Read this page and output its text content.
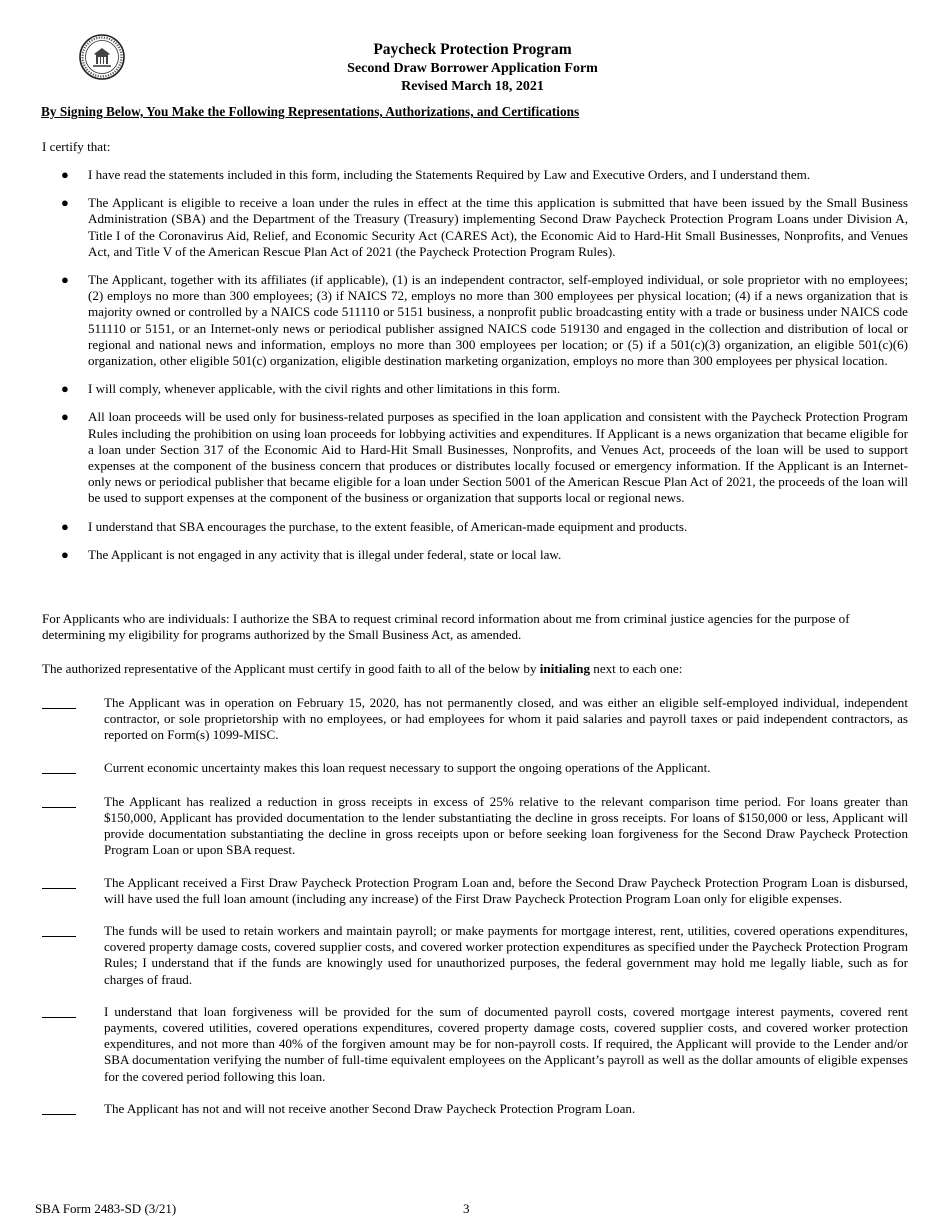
Paycheck Protection Program
Second Draw Borrower Application Form
Revised March 18, 2021
By Signing Below, You Make the Following Representations, Authorizations, and Certifications
I certify that:
●	I have read the statements included in this form, including the Statements Required by Law and Executive Orders, and I understand them.
●	The Applicant is eligible to receive a loan under the rules in effect at the time this application is submitted that have been issued by the Small Business Administration (SBA) and the Department of the Treasury (Treasury) implementing Second Draw Paycheck Protection Program Loans under Division A, Title I of the Coronavirus Aid, Relief, and Economic Security Act (CARES Act), the Economic Aid to Hard-Hit Small Businesses, Nonprofits, and Venues Act, and Title V of the American Rescue Plan Act of 2021 (the Paycheck Protection Program Rules).
●	The Applicant, together with its affiliates (if applicable), (1) is an independent contractor, self-employed individual, or sole proprietor with no employees; (2) employs no more than 300 employees; (3) if NAICS 72, employs no more than 300 employees per physical location; (4) if a news organization that is majority owned or controlled by a NAICS code 511110 or 5151 business, a nonprofit public broadcasting entity with a trade or business under NAICS code 511110 or 5151, or an Internet-only news or periodical publisher assigned NAICS code 519130 and engaged in the collection and distribution of local or regional and national news and information, employs no more than 300 employees per location; or (5) if a 501(c)(3) organization, an eligible 501(c)(6) organization, other eligible 501(c) organization, eligible destination marketing organization, employs no more than 300 employees per physical location.
●	I will comply, whenever applicable, with the civil rights and other limitations in this form.
●	All loan proceeds will be used only for business-related purposes as specified in the loan application and consistent with the Paycheck Protection Program Rules including the prohibition on using loan proceeds for lobbying activities and expenditures. If Applicant is a news organization that became eligible for a loan under Section 317 of the Economic Aid to Hard-Hit Small Businesses, Nonprofits, and Venues Act, proceeds of the loan will be used to support expenses at the component of the business concern that produces or distributes locally focused or emergency information. If the Applicant is an Internet-only news or periodical publisher that became eligible for a loan under Section 5001 of the American Rescue Plan Act of 2021, the proceeds of the loan will be used to support expenses at the component of the business or organization that supports local or regional news.
●	I understand that SBA encourages the purchase, to the extent feasible, of American-made equipment and products.
●	The Applicant is not engaged in any activity that is illegal under federal, state or local law.
For Applicants who are individuals: I authorize the SBA to request criminal record information about me from criminal justice agencies for the purpose of determining my eligibility for programs authorized by the Small Business Act, as amended.
The authorized representative of the Applicant must certify in good faith to all of the below by initialing next to each one:
The Applicant was in operation on February 15, 2020, has not permanently closed, and was either an eligible self-employed individual, independent contractor, or sole proprietorship with no employees, or had employees for whom it paid salaries and payroll taxes or paid independent contractors, as reported on Form(s) 1099-MISC.
Current economic uncertainty makes this loan request necessary to support the ongoing operations of the Applicant.
The Applicant has realized a reduction in gross receipts in excess of 25% relative to the relevant comparison time period. For loans greater than $150,000, Applicant has provided documentation to the lender substantiating the decline in gross receipts. For loans of $150,000 or less, Applicant will provide documentation substantiating the decline in gross receipts upon or before seeking loan forgiveness for the Second Draw Paycheck Protection Program Loan or upon SBA request.
The Applicant received a First Draw Paycheck Protection Program Loan and, before the Second Draw Paycheck Protection Program Loan is disbursed, will have used the full loan amount (including any increase) of the First Draw Paycheck Protection Program Loan only for eligible expenses.
The funds will be used to retain workers and maintain payroll; or make payments for mortgage interest, rent, utilities, covered operations expenditures, covered property damage costs, covered supplier costs, and covered worker protection expenditures as specified under the Paycheck Protection Program Rules; I understand that if the funds are knowingly used for unauthorized purposes, the federal government may hold me legally liable, such as for charges of fraud.
I understand that loan forgiveness will be provided for the sum of documented payroll costs, covered mortgage interest payments, covered rent payments, covered utilities, covered operations expenditures, covered property damage costs, covered supplier costs, and covered worker protection expenditures, and not more than 40% of the forgiven amount may be for non-payroll costs. If required, the Applicant will provide to the Lender and/or SBA documentation verifying the number of full-time equivalent employees on the Applicant’s payroll as well as the dollar amounts of eligible expenses for the covered period following this loan.
The Applicant has not and will not receive another Second Draw Paycheck Protection Program Loan.
SBA Form 2483-SD (3/21)	3
